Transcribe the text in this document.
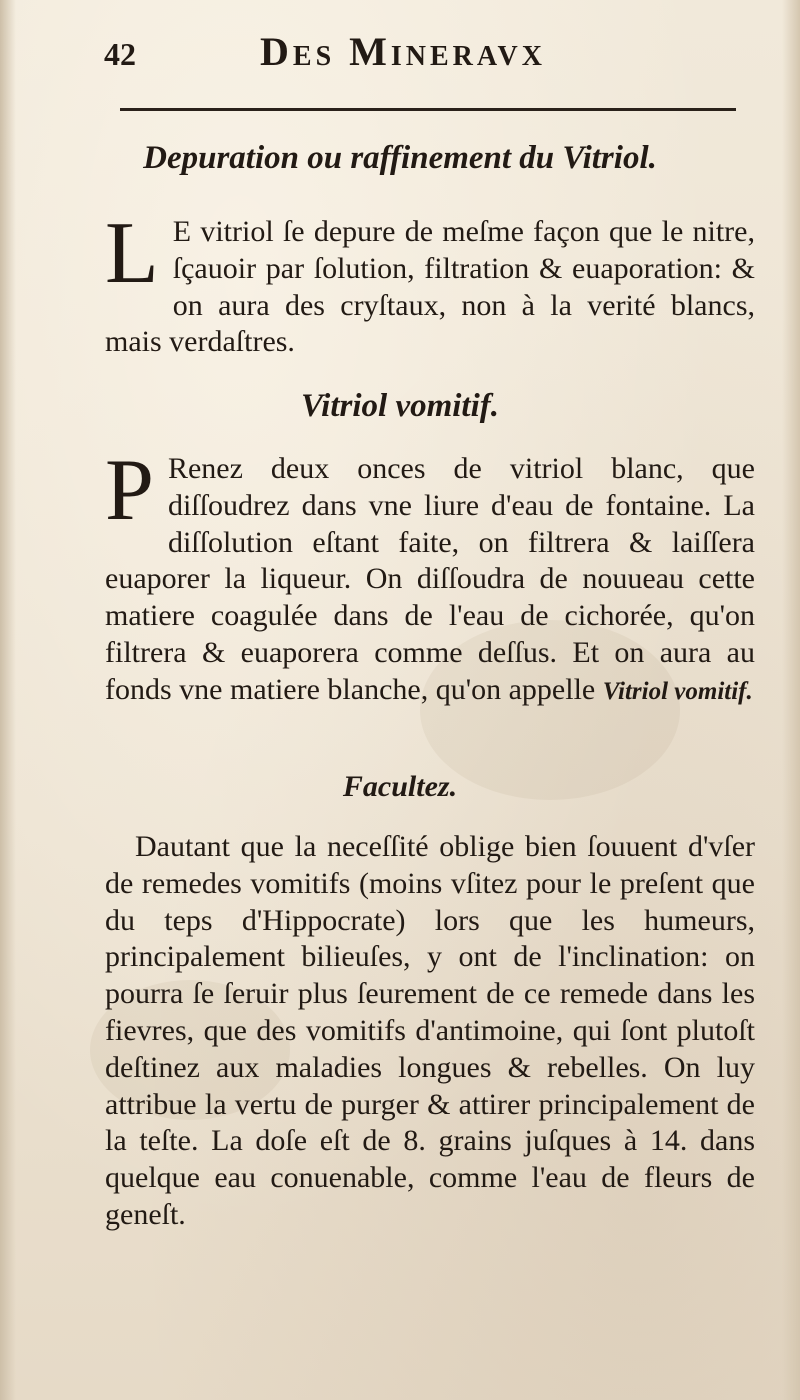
42	Des Mineravx
Depuration ou raffinement du Vitriol.
L E vitriol ſe depure de meſme façon que le nitre, ſçauoir par ſolution, filtration & euaporation: & on aura des cryſtaux, non à la verité blancs, mais verdaſtres.
Vitriol vomitif.
P Renez deux onces de vitriol blanc, que diſſoudrez dans vne liure d'eau de fontaine. La diſſolution eſtant faite, on filtrera & laiſſera euaporer la liqueur. On diſſoudra de nouueau cette matiere coagulée dans de l'eau de cichorée, qu'on filtrera & euaporera comme deſſus. Et on aura au fonds vne matiere blanche, qu'on appelle Vitriol vomitif.
Facultez.
Dautant que la neceſſité oblige bien ſouuent d'vſer de remedes vomitifs (moins vſitez pour le preſent que du teps d'Hippocrate) lors que les humeurs, principalement bilieuſes, y ont de l'inclination: on pourra ſe ſeruir plus ſeurement de ce remede dans les fievres, que des vomitifs d'antimoine, qui ſont plutoſt deſtinez aux maladies longues & rebelles. On luy attribue la vertu de purger & attirer principalement de la teſte. La doſe eſt de 8. grains juſques à 14. dans quelque eau conuenable, comme l'eau de fleurs de geneſt.
